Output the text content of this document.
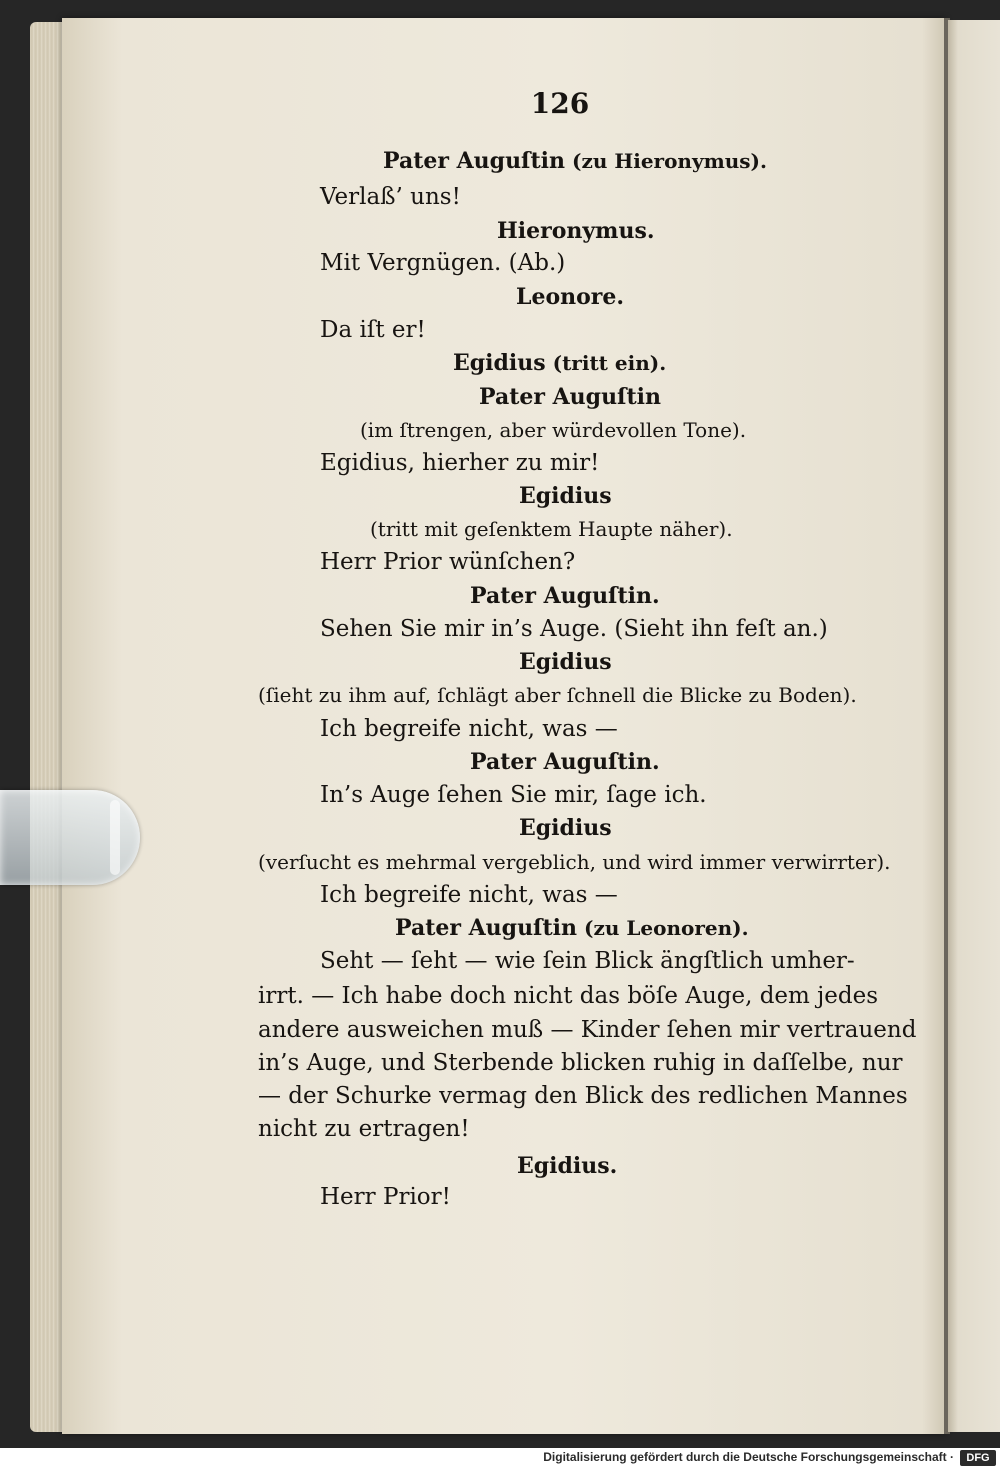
126
Pater Auguſtin (zu Hieronymus).
Verlaß’ uns!
Hieronymus.
Mit Vergnügen. (Ab.)
Leonore.
Da iſt er!
Egidius (tritt ein).
Pater Auguſtin
(im ſtrengen, aber würdevollen Tone).
Egidius, hierher zu mir!
Egidius
(tritt mit geſenktem Haupte näher).
Herr Prior wünſchen?
Pater Auguſtin.
Sehen Sie mir in’s Auge. (Sieht ihn feſt an.)
Egidius
(ſieht zu ihm auf, ſchlägt aber ſchnell die Blicke zu Boden).
Ich begreife nicht, was —
Pater Auguſtin.
In’s Auge ſehen Sie mir, ſage ich.
Egidius
(verſucht es mehrmal vergeblich, und wird immer verwirrter).
Ich begreife nicht, was —
Pater Auguſtin (zu Leonoren).
Seht — ſeht — wie ſein Blick ängſtlich umher-
irrt. — Ich habe doch nicht das böſe Auge, dem jedes
andere ausweichen muß — Kinder ſehen mir vertrauend
in’s Auge, und Sterbende blicken ruhig in daſſelbe, nur
— der Schurke vermag den Blick des redlichen Mannes
nicht zu ertragen!
Egidius.
Herr Prior!
Digitalisierung gefördert durch die Deutsche Forschungsgemeinschaft ·	DFG
